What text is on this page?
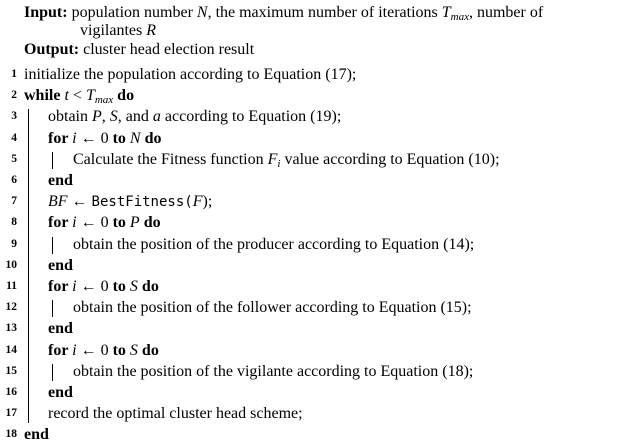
Input: population number N, the maximum number of iterations $T_{max}$, number of
vigilantes R
Output: cluster head election result
1 initialize the population according to Equation (17);
2 while $t < T_{max}$ do
3 obtain P, S, and a according to Equation (19);
4 for i ← 0 to N do
5	Calculate the Fitness function $F_i$ value according to Equation (10);
6 end
7 BF ← BestFitness(F);
8 for i ← 0 to P do
9	obtain the position of the producer according to Equation (14);
10 end
11 for i ← 0 to S do
12	obtain the position of the follower according to Equation (15);
13 end
14 for i ← 0 to S do
15	obtain the position of the vigilante according to Equation (18);
16 end
17 record the optimal cluster head scheme;
18 end
